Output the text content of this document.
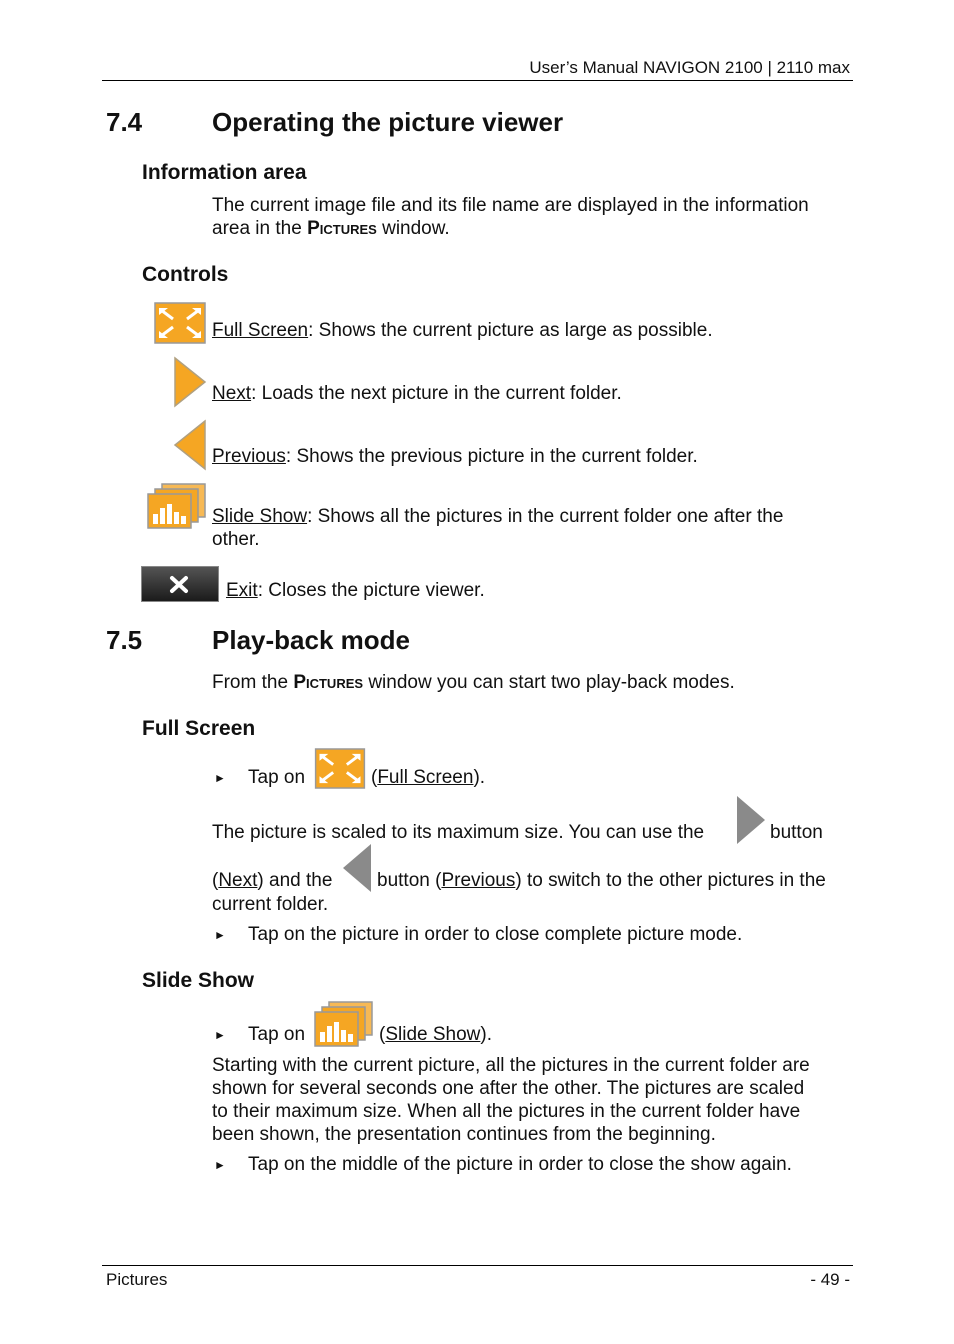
User’s Manual NAVIGON 2100 | 2110 max
7.4	Operating the picture viewer
Information area
The current image file and its file name are displayed in the information
area in the Pictures window.
Controls
Full Screen: Shows the current picture as large as possible.
Next: Loads the next picture in the current folder.
Previous: Shows the previous picture in the current folder.
Slide Show: Shows all the pictures in the current folder one after the
other.
Exit: Closes the picture viewer.
7.5	Play-back mode
From the Pictures window you can start two play-back modes.
Full Screen
► Tap on	(Full Screen).
The picture is scaled to its maximum size. You can use the	button
(Next) and the	button (Previous) to switch to the other pictures in the
current folder.
► Tap on the picture in order to close complete picture mode.
Slide Show
► Tap on	(Slide Show).
Starting with the current picture, all the pictures in the current folder are
shown for several seconds one after the other. The pictures are scaled
to their maximum size. When all the pictures in the current folder have
been shown, the presentation continues from the beginning.
► Tap on the middle of the picture in order to close the show again.
Pictures	- 49 -
